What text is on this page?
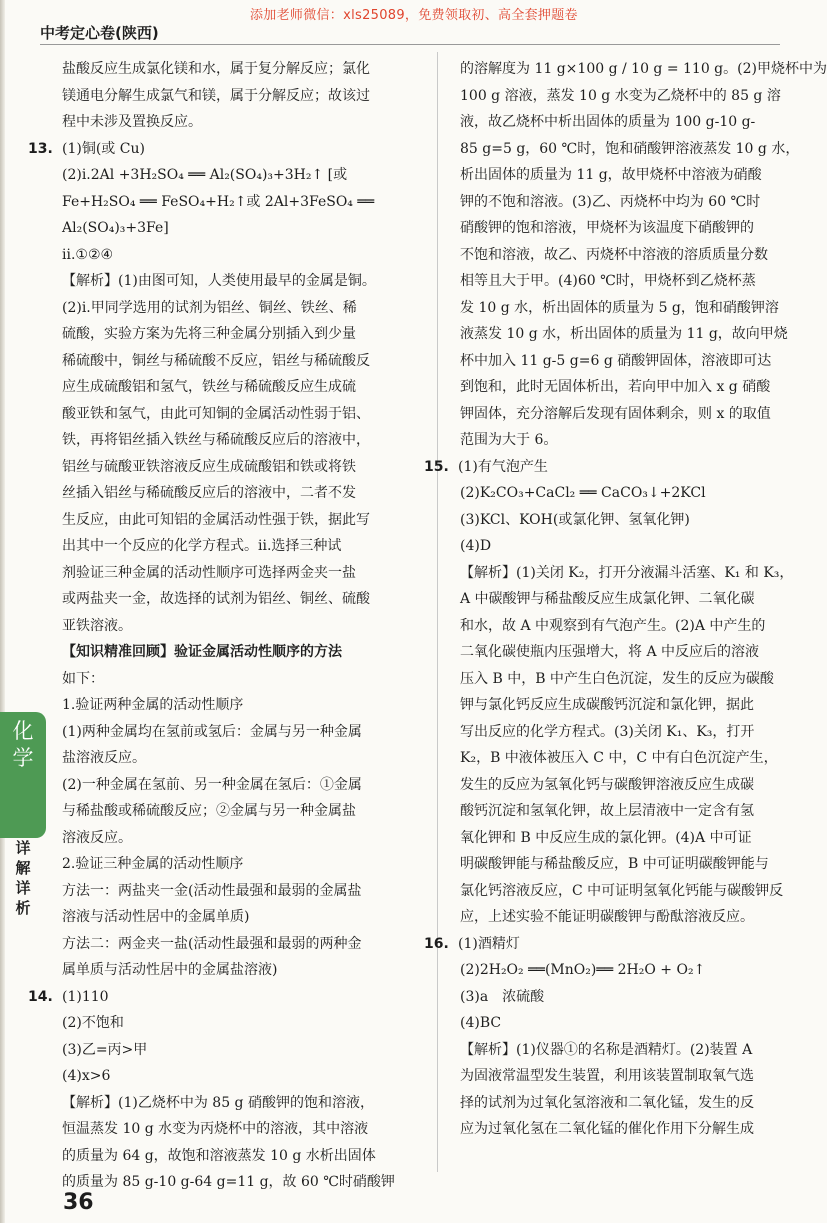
添加老师微信：xls25089，免费领取初、高全套押题卷
中考定心卷(陕西)
盐酸反应生成氯化镁和水，属于复分解反应；氯化
镁通电分解生成氯气和镁，属于分解反应；故该过
程中未涉及置换反应。
13. (1)铜(或 Cu)
(2)ⅰ.2Al +3H₂SO₄ ══ Al₂(SO₄)₃+3H₂↑ [或
Fe+H₂SO₄ ══ FeSO₄+H₂↑或 2Al+3FeSO₄ ══
Al₂(SO₄)₃+3Fe]
ⅱ.①②④
【解析】(1)由图可知，人类使用最早的金属是铜。
(2)ⅰ.甲同学选用的试剂为铝丝、铜丝、铁丝、稀
硫酸，实验方案为先将三种金属分别插入到少量
稀硫酸中，铜丝与稀硫酸不反应，铝丝与稀硫酸反
应生成硫酸铝和氢气，铁丝与稀硫酸反应生成硫
酸亚铁和氢气，由此可知铜的金属活动性弱于铝、
铁，再将铝丝插入铁丝与稀硫酸反应后的溶液中，
铝丝与硫酸亚铁溶液反应生成硫酸铝和铁或将铁
丝插入铝丝与稀硫酸反应后的溶液中，二者不发
生反应，由此可知铝的金属活动性强于铁，据此写
出其中一个反应的化学方程式。ⅱ.选择三种试
剂验证三种金属的活动性顺序可选择两金夹一盐
或两盐夹一金，故选择的试剂为铝丝、铜丝、硫酸
亚铁溶液。
【知识精准回顾】验证金属活动性顺序的方法
如下：
1.验证两种金属的活动性顺序
(1)两种金属均在氢前或氢后：金属与另一种金属
盐溶液反应。
(2)一种金属在氢前、另一种金属在氢后：①金属
与稀盐酸或稀硫酸反应；②金属与另一种金属盐
溶液反应。
2.验证三种金属的活动性顺序
方法一：两盐夹一金(活动性最强和最弱的金属盐
溶液与活动性居中的金属单质)
方法二：两金夹一盐(活动性最强和最弱的两种金
属单质与活动性居中的金属盐溶液)
14. (1)110
(2)不饱和
(3)乙=丙>甲
(4)x>6
【解析】(1)乙烧杯中为 85 g 硝酸钾的饱和溶液，
恒温蒸发 10 g 水变为丙烧杯中的溶液，其中溶液
的质量为 64 g，故饱和溶液蒸发 10 g 水析出固体
的质量为 85 g-10 g-64 g=11 g，故 60 ℃时硝酸钾
的溶解度为 11 g×100 g / 10 g = 110 g。(2)甲烧杯中为
100 g 溶液，蒸发 10 g 水变为乙烧杯中的 85 g 溶
液，故乙烧杯中析出固体的质量为 100 g-10 g-
85 g=5 g，60 ℃时，饱和硝酸钾溶液蒸发 10 g 水，
析出固体的质量为 11 g，故甲烧杯中溶液为硝酸
钾的不饱和溶液。(3)乙、丙烧杯中均为 60 ℃时
硝酸钾的饱和溶液，甲烧杯为该温度下硝酸钾的
不饱和溶液，故乙、丙烧杯中溶液的溶质质量分数
相等且大于甲。(4)60 ℃时，甲烧杯到乙烧杯蒸
发 10 g 水，析出固体的质量为 5 g，饱和硝酸钾溶
液蒸发 10 g 水，析出固体的质量为 11 g，故向甲烧
杯中加入 11 g-5 g=6 g 硝酸钾固体，溶液即可达
到饱和，此时无固体析出，若向甲中加入 x g 硝酸
钾固体，充分溶解后发现有固体剩余，则 x 的取值
范围为大于 6。
15. (1)有气泡产生
(2)K₂CO₃+CaCl₂ ══ CaCO₃↓+2KCl
(3)KCl、KOH(或氯化钾、氢氧化钾)
(4)D
【解析】(1)关闭 K₂，打开分液漏斗活塞、K₁ 和 K₃，
A 中碳酸钾与稀盐酸反应生成氯化钾、二氧化碳
和水，故 A 中观察到有气泡产生。(2)A 中产生的
二氧化碳使瓶内压强增大，将 A 中反应后的溶液
压入 B 中，B 中产生白色沉淀，发生的反应为碳酸
钾与氯化钙反应生成碳酸钙沉淀和氯化钾，据此
写出反应的化学方程式。(3)关闭 K₁、K₃，打开
K₂，B 中液体被压入 C 中，C 中有白色沉淀产生，
发生的反应为氢氧化钙与碳酸钾溶液反应生成碳
酸钙沉淀和氢氧化钾，故上层清液中一定含有氢
氧化钾和 B 中反应生成的氯化钾。(4)A 中可证
明碳酸钾能与稀盐酸反应，B 中可证明碳酸钾能与
氯化钙溶液反应，C 中可证明氢氧化钙能与碳酸钾反
应，上述实验不能证明碳酸钾与酚酞溶液反应。
16. (1)酒精灯
(2)2H₂O₂ ══(MnO₂)══ 2H₂O + O₂↑
(3)a　浓硫酸
(4)BC
【解析】(1)仪器①的名称是酒精灯。(2)装置 A
为固液常温型发生装置，利用该装置制取氧气选
择的试剂为过氧化氢溶液和二氧化锰，发生的反
应为过氧化氢在二氧化锰的催化作用下分解生成
化学
详解详析
36
